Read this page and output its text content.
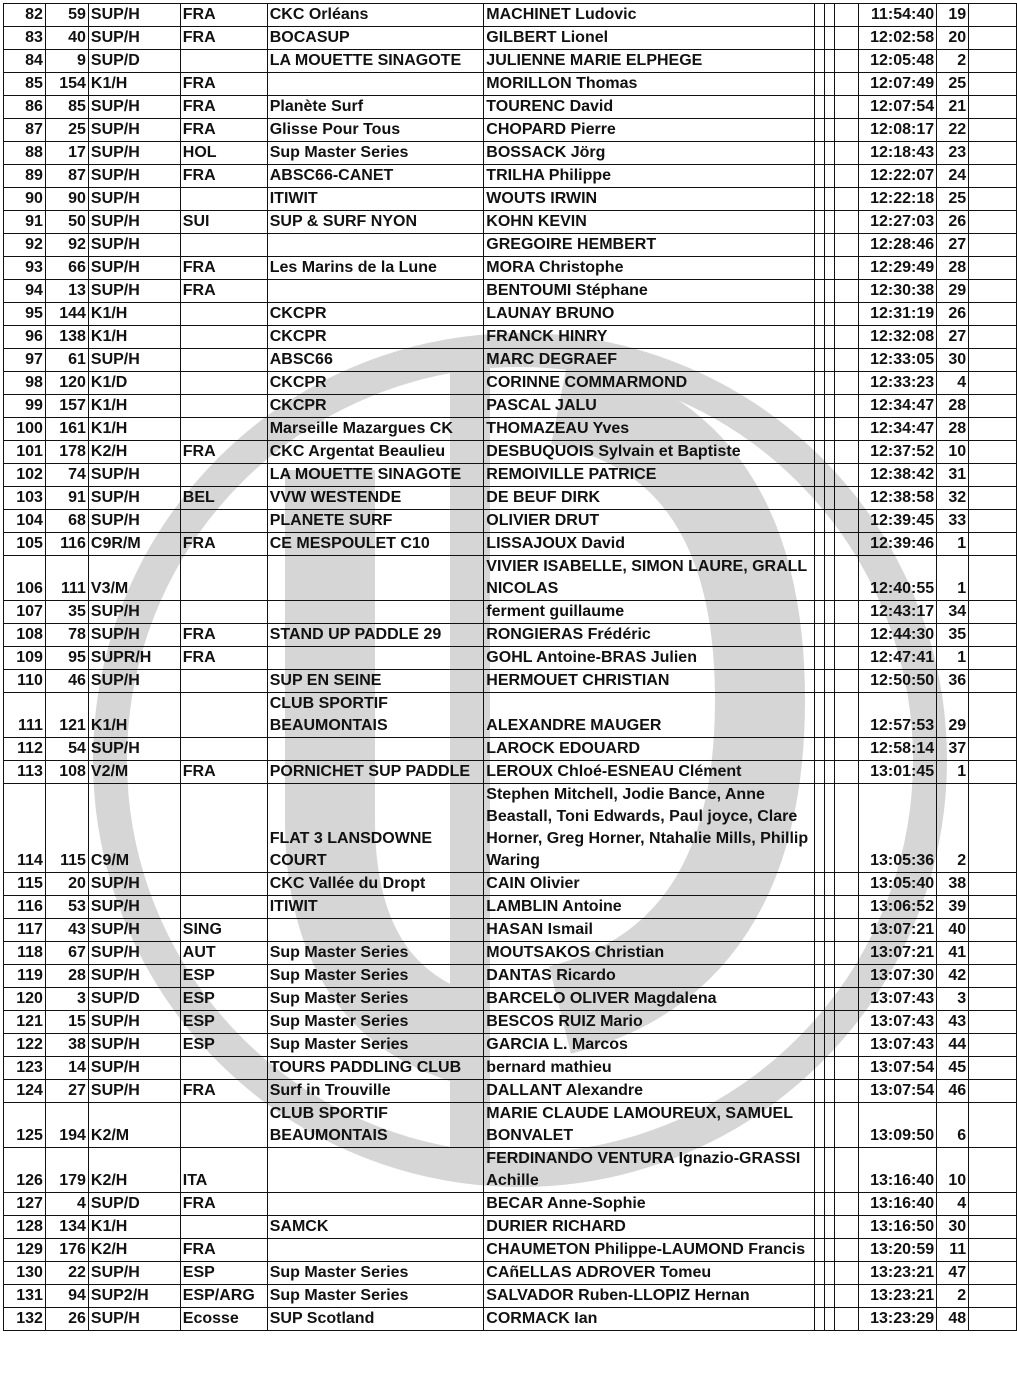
82	59	SUP/H	FRA	CKC Orléans	MACHINET Ludovic				11:54:40	19	
83	40	SUP/H	FRA	BOCASUP	GILBERT Lionel				12:02:58	20	
84	9	SUP/D		LA MOUETTE SINAGOTE	JULIENNE MARIE ELPHEGE				12:05:48	2	
85	154	K1/H	FRA		MORILLON Thomas				12:07:49	25	
86	85	SUP/H	FRA	Planète Surf	TOURENC David				12:07:54	21	
87	25	SUP/H	FRA	Glisse Pour Tous	CHOPARD Pierre				12:08:17	22	
88	17	SUP/H	HOL	Sup Master Series	BOSSACK Jörg				12:18:43	23	
89	87	SUP/H	FRA	ABSC66-CANET	TRILHA Philippe				12:22:07	24	
90	90	SUP/H		ITIWIT	WOUTS IRWIN				12:22:18	25	
91	50	SUP/H	SUI	SUP & SURF NYON	KOHN KEVIN				12:27:03	26	
92	92	SUP/H			GREGOIRE HEMBERT				12:28:46	27	
93	66	SUP/H	FRA	Les Marins de la Lune	MORA Christophe				12:29:49	28	
94	13	SUP/H	FRA		BENTOUMI Stéphane				12:30:38	29	
95	144	K1/H		CKCPR	LAUNAY BRUNO				12:31:19	26	
96	138	K1/H		CKCPR	FRANCK HINRY				12:32:08	27	
97	61	SUP/H		ABSC66	MARC DEGRAEF				12:33:05	30	
98	120	K1/D		CKCPR	CORINNE COMMARMOND				12:33:23	4	
99	157	K1/H		CKCPR	PASCAL JALU				12:34:47	28	
100	161	K1/H		Marseille Mazargues CK	THOMAZEAU Yves				12:34:47	28	
101	178	K2/H	FRA	CKC Argentat Beaulieu	DESBUQUOIS Sylvain et Baptiste				12:37:52	10	
102	74	SUP/H		LA MOUETTE SINAGOTE	REMOIVILLE PATRICE				12:38:42	31	
103	91	SUP/H	BEL	VVW WESTENDE	DE BEUF DIRK				12:38:58	32	
104	68	SUP/H		PLANETE SURF	OLIVIER DRUT				12:39:45	33	
105	116	C9R/M	FRA	CE MESPOULET C10	LISSAJOUX David				12:39:46	1	
106	111	V3/M			VIVIER ISABELLE, SIMON LAURE, GRALL NICOLAS				12:40:55	1	
107	35	SUP/H			ferment guillaume				12:43:17	34	
108	78	SUP/H	FRA	STAND UP PADDLE 29	RONGIERAS Frédéric				12:44:30	35	
109	95	SUPR/H	FRA		GOHL Antoine-BRAS Julien				12:47:41	1	
110	46	SUP/H		SUP EN SEINE	HERMOUET CHRISTIAN				12:50:50	36	
111	121	K1/H		CLUB SPORTIF BEAUMONTAIS	ALEXANDRE MAUGER				12:57:53	29	
112	54	SUP/H			LAROCK EDOUARD				12:58:14	37	
113	108	V2/M	FRA	PORNICHET SUP PADDLE	LEROUX Chloé-ESNEAU Clément				13:01:45	1	
114	115	C9/M		FLAT 3 LANSDOWNE COURT	Stephen Mitchell, Jodie Bance, Anne Beastall, Toni Edwards, Paul joyce, Clare Horner, Greg Horner, Ntahalie Mills, Phillip Waring				13:05:36	2	
115	20	SUP/H		CKC Vallée du Dropt	CAIN Olivier				13:05:40	38	
116	53	SUP/H		ITIWIT	LAMBLIN Antoine				13:06:52	39	
117	43	SUP/H	SING		HASAN Ismail				13:07:21	40	
118	67	SUP/H	AUT	Sup Master Series	MOUTSAKOS Christian				13:07:21	41	
119	28	SUP/H	ESP	Sup Master Series	DANTAS Ricardo				13:07:30	42	
120	3	SUP/D	ESP	Sup Master Series	BARCELO OLIVER Magdalena				13:07:43	3	
121	15	SUP/H	ESP	Sup Master Series	BESCOS RUIZ Mario				13:07:43	43	
122	38	SUP/H	ESP	Sup Master Series	GARCIA L. Marcos				13:07:43	44	
123	14	SUP/H		TOURS PADDLING CLUB	bernard mathieu				13:07:54	45	
124	27	SUP/H	FRA	Surf in Trouville	DALLANT Alexandre				13:07:54	46	
125	194	K2/M		CLUB SPORTIF BEAUMONTAIS	MARIE CLAUDE LAMOUREUX, SAMUEL BONVALET				13:09:50	6	
126	179	K2/H	ITA		FERDINANDO VENTURA Ignazio-GRASSI Achille				13:16:40	10	
127	4	SUP/D	FRA		BECAR Anne-Sophie				13:16:40	4	
128	134	K1/H		SAMCK	DURIER RICHARD				13:16:50	30	
129	176	K2/H	FRA		CHAUMETON Philippe-LAUMOND Francis				13:20:59	11	
130	22	SUP/H	ESP	Sup Master Series	CAñELLAS ADROVER Tomeu				13:23:21	47	
131	94	SUP2/H	ESP/ARG	Sup Master Series	SALVADOR Ruben-LLOPIZ Hernan				13:23:21	2	
132	26	SUP/H	Ecosse	SUP Scotland	CORMACK Ian				13:23:29	48	
